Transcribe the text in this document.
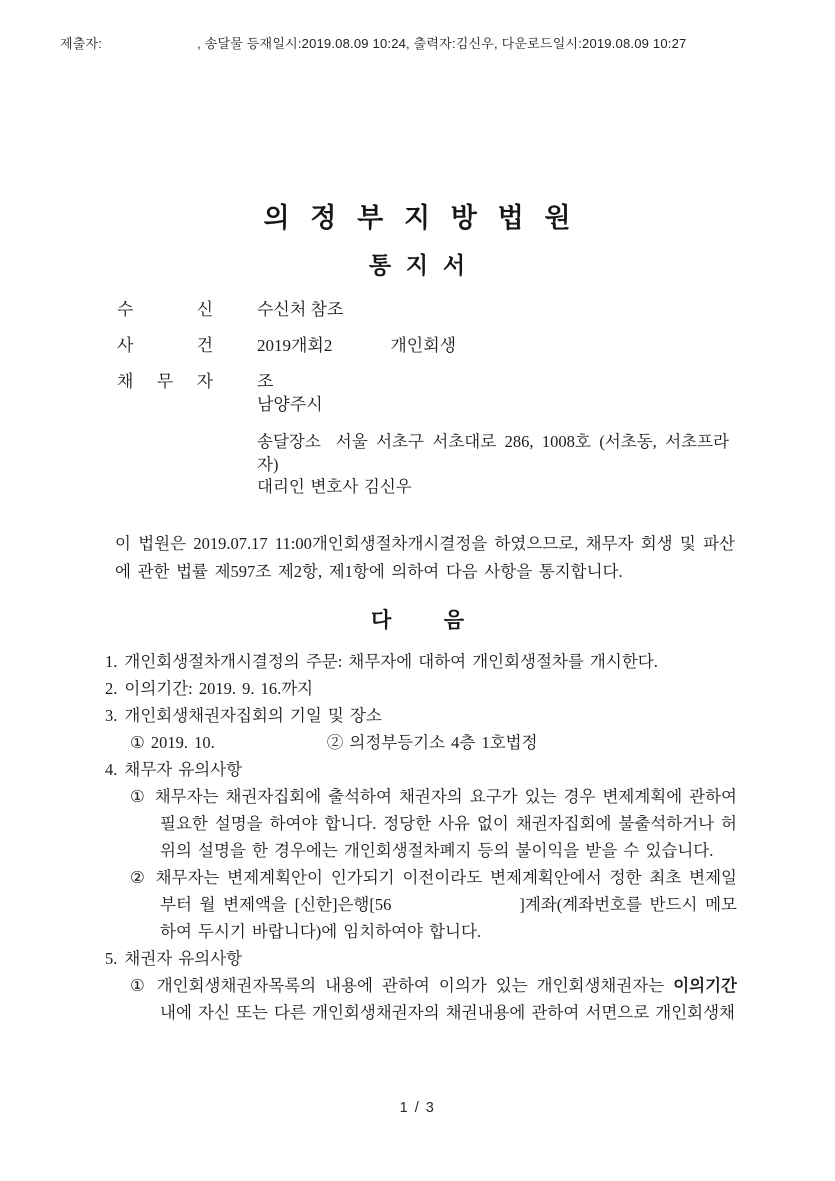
제출자:	, 송달물 등재일시:2019.08.09 10:24, 출력자:김신우, 다운로드일시:2019.08.09 10:27
의 정 부 지 방 법 원
통 지 서
수 신	수신처 참조
사 건	2019개회2	개인회생
채 무 자	조
남양주시
송달장소 서울 서초구 서초대로 286, 1008호 (서초동, 서초프라자)
대리인 변호사 김신우

이 법원은 2019.07.17 11:00개인회생절차개시결정을 하였으므로, 채무자 회생 및 파산에 관한 법률 제597조 제2항, 제1항에 의하여 다음 사항을 통지합니다.

다          음

1. 개인회생절차개시결정의 주문: 채무자에 대하여 개인회생절차를 개시한다.

2. 이의기간: 2019. 9. 16.까지

3. 개인회생채권자집회의 기일 및 장소

① 2019. 10.	② 의정부등기소 4층 1호법정

4. 채무자 유의사항

① 채무자는 채권자집회에 출석하여 채권자의 요구가 있는 경우 변제계획에 관하여 필요한 설명을 하여야 합니다. 정당한 사유 없이 채권자집회에 불출석하거나 허위의 설명을 한 경우에는 개인회생절차폐지 등의 불이익을 받을 수 있습니다.

② 채무자는 변제계획안이 인가되기 이전이라도 변제계획안에서 정한 최초 변제일부터 월 변제액을 [신한]은행[56	]계좌(계좌번호를 반드시 메모하여 두시기 바랍니다)에 임치하여야 합니다.

5. 채권자 유의사항

① 개인회생채권자목록의 내용에 관하여 이의가 있는 개인회생채권자는 이의기간 내에 자신 또는 다른 개인회생채권자의 채권내용에 관하여 서면으로 개인회생채

1 / 3
